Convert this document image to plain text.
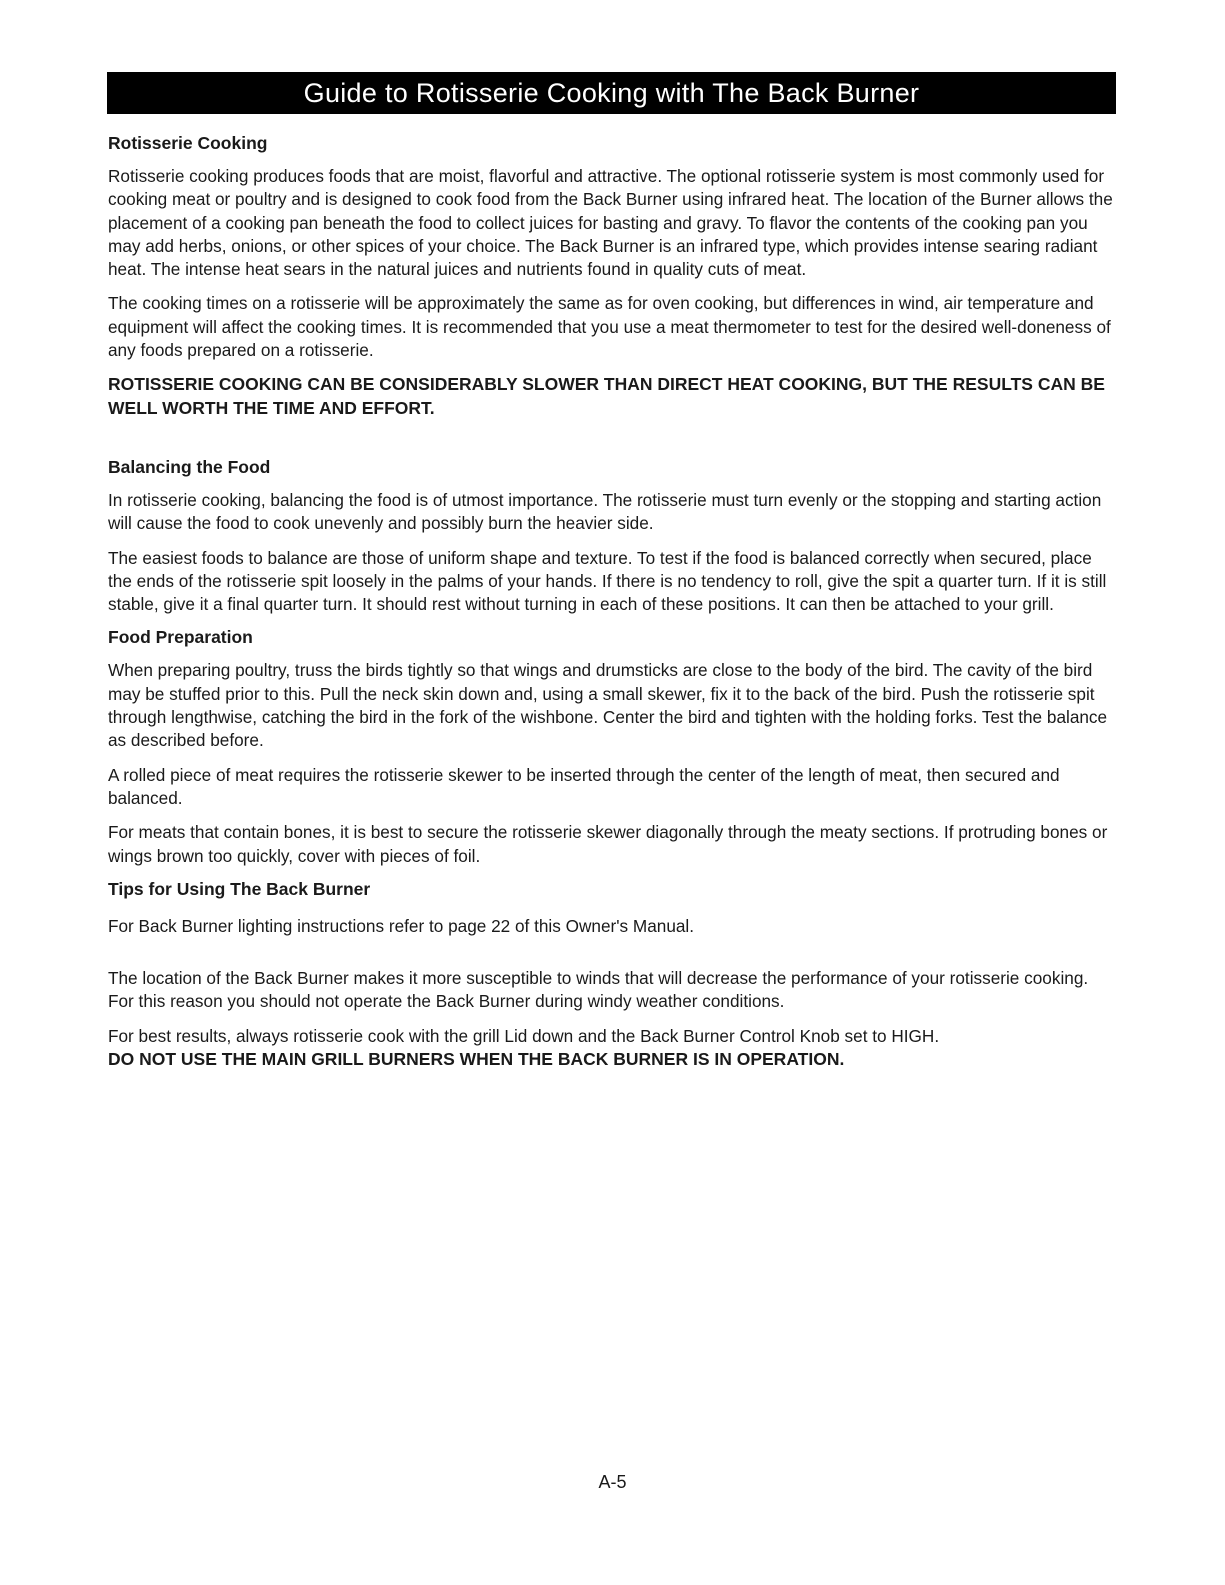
Guide to Rotisserie Cooking with The Back Burner
Rotisserie Cooking

Rotisserie cooking produces foods that are moist, flavorful and attractive. The optional rotisserie system is most commonly used for cooking meat or poultry and is designed to cook food from the Back Burner using infrared heat. The location of the Burner allows the placement of a cooking pan beneath the food to collect juices for basting and gravy. To flavor the contents of the cooking pan you may add herbs, onions, or other spices of your choice. The Back Burner is an infrared type, which provides intense searing radiant heat. The intense heat sears in the natural juices and nutrients found in quality cuts of meat.

The cooking times on a rotisserie will be approximately the same as for oven cooking, but differences in wind, air temperature and equipment will affect the cooking times. It is recommended that you use a meat thermometer to test for the desired well-doneness of any foods prepared on a rotisserie.

ROTISSERIE COOKING CAN BE CONSIDERABLY SLOWER THAN DIRECT HEAT COOKING, BUT THE RESULTS CAN BE WELL WORTH THE TIME AND EFFORT.

Balancing the Food

In rotisserie cooking, balancing the food is of utmost importance. The rotisserie must turn evenly or the stopping and starting action will cause the food to cook unevenly and possibly burn the heavier side.

The easiest foods to balance are those of uniform shape and texture. To test if the food is balanced correctly when secured, place the ends of the rotisserie spit loosely in the palms of your hands. If there is no tendency to roll, give the spit a quarter turn. If it is still stable, give it a final quarter turn. It should rest without turning in each of these positions. It can then be attached to your grill.

Food Preparation

When preparing poultry, truss the birds tightly so that wings and drumsticks are close to the body of the bird. The cavity of the bird may be stuffed prior to this. Pull the neck skin down and, using a small skewer, fix it to the back of the bird. Push the rotisserie spit through lengthwise, catching the bird in the fork of the wishbone. Center the bird and tighten with the holding forks. Test the balance as described before.

A rolled piece of meat requires the rotisserie skewer to be inserted through the center of the length of meat, then secured and balanced.

For meats that contain bones, it is best to secure the rotisserie skewer diagonally through the meaty sections. If protruding bones or wings brown too quickly, cover with pieces of foil.

Tips for Using The Back Burner

For Back Burner lighting instructions refer to page 22 of this Owner's Manual.

The location of the Back Burner makes it more susceptible to winds that will decrease the performance of your rotisserie cooking. For this reason you should not operate the Back Burner during windy weather conditions.

For best results, always rotisserie cook with the grill Lid down and the Back Burner Control Knob set to HIGH.

DO NOT USE THE MAIN GRILL BURNERS WHEN THE BACK BURNER IS IN OPERATION.

A-5
